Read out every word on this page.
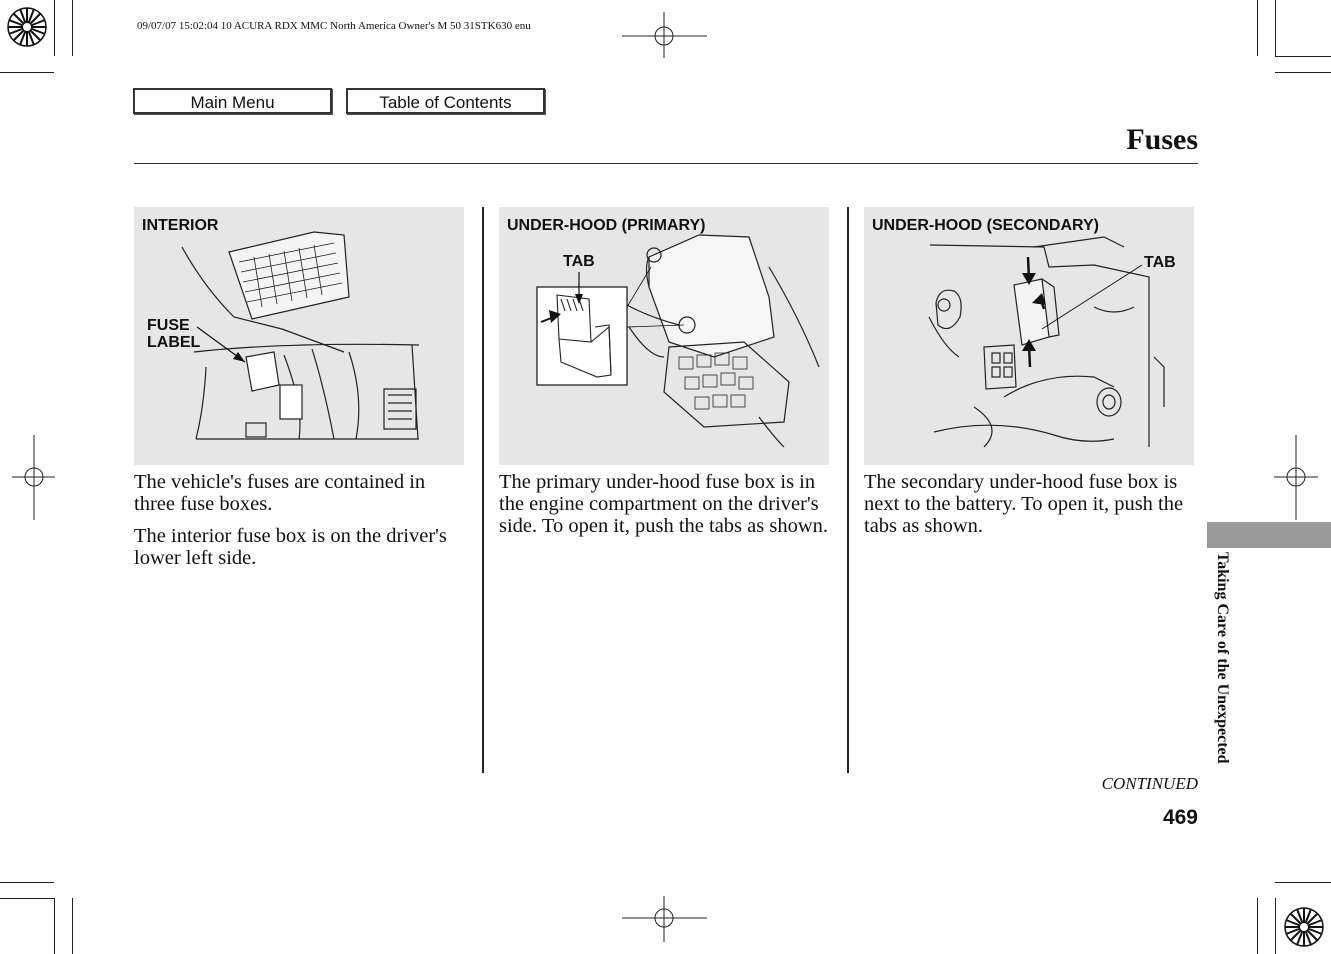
09/07/07 15:02:04 10 ACURA RDX MMC North America Owner's M 50 31STK630 enu
Main Menu	Table of Contents
Fuses
INTERIOR
FUSE
LABEL

The vehicle's fuses are contained in three fuse boxes.

The interior fuse box is on the driver's lower left side.

UNDER-HOOD (PRIMARY)
TAB

The primary under-hood fuse box is in the engine compartment on the driver's side. To open it, push the tabs as shown.

UNDER-HOOD (SECONDARY)
TAB

The secondary under-hood fuse box is next to the battery. To open it, push the tabs as shown.

Taking Care of the Unexpected
CONTINUED
469
